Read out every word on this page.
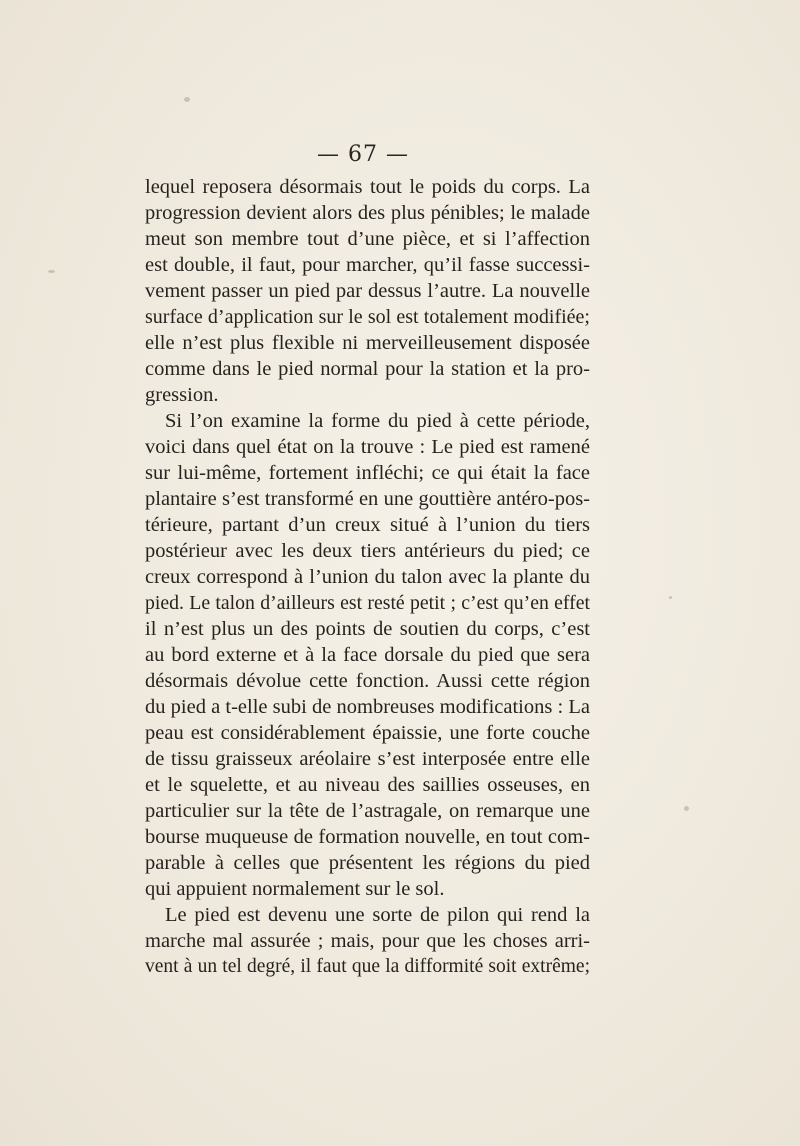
— 67 —
lequel reposera désormais tout le poids du corps. La
progression devient alors des plus pénibles; le malade
meut son membre tout d’une pièce, et si l’affection
est double, il faut, pour marcher, qu’il fasse successi-
vement passer un pied par dessus l’autre. La nouvelle
surface d’application sur le sol est totalement modifiée;
elle n’est plus flexible ni merveilleusement disposée
comme dans le pied normal pour la station et la pro-
gression.
Si l’on examine la forme du pied à cette période,
voici dans quel état on la trouve : Le pied est ramené
sur lui-même, fortement infléchi; ce qui était la face
plantaire s’est transformé en une gouttière antéro-pos-
térieure, partant d’un creux situé à l’union du tiers
postérieur avec les deux tiers antérieurs du pied; ce
creux correspond à l’union du talon avec la plante du
pied. Le talon d’ailleurs est resté petit ; c’est qu’en effet
il n’est plus un des points de soutien du corps, c’est
au bord externe et à la face dorsale du pied que sera
désormais dévolue cette fonction. Aussi cette région
du pied a t-elle subi de nombreuses modifications : La
peau est considérablement épaissie, une forte couche
de tissu graisseux aréolaire s’est interposée entre elle
et le squelette, et au niveau des saillies osseuses, en
particulier sur la tête de l’astragale, on remarque une
bourse muqueuse de formation nouvelle, en tout com-
parable à celles que présentent les régions du pied
qui appuient normalement sur le sol.
Le pied est devenu une sorte de pilon qui rend la
marche mal assurée ; mais, pour que les choses arri-
vent à un tel degré, il faut que la difformité soit extrême;
